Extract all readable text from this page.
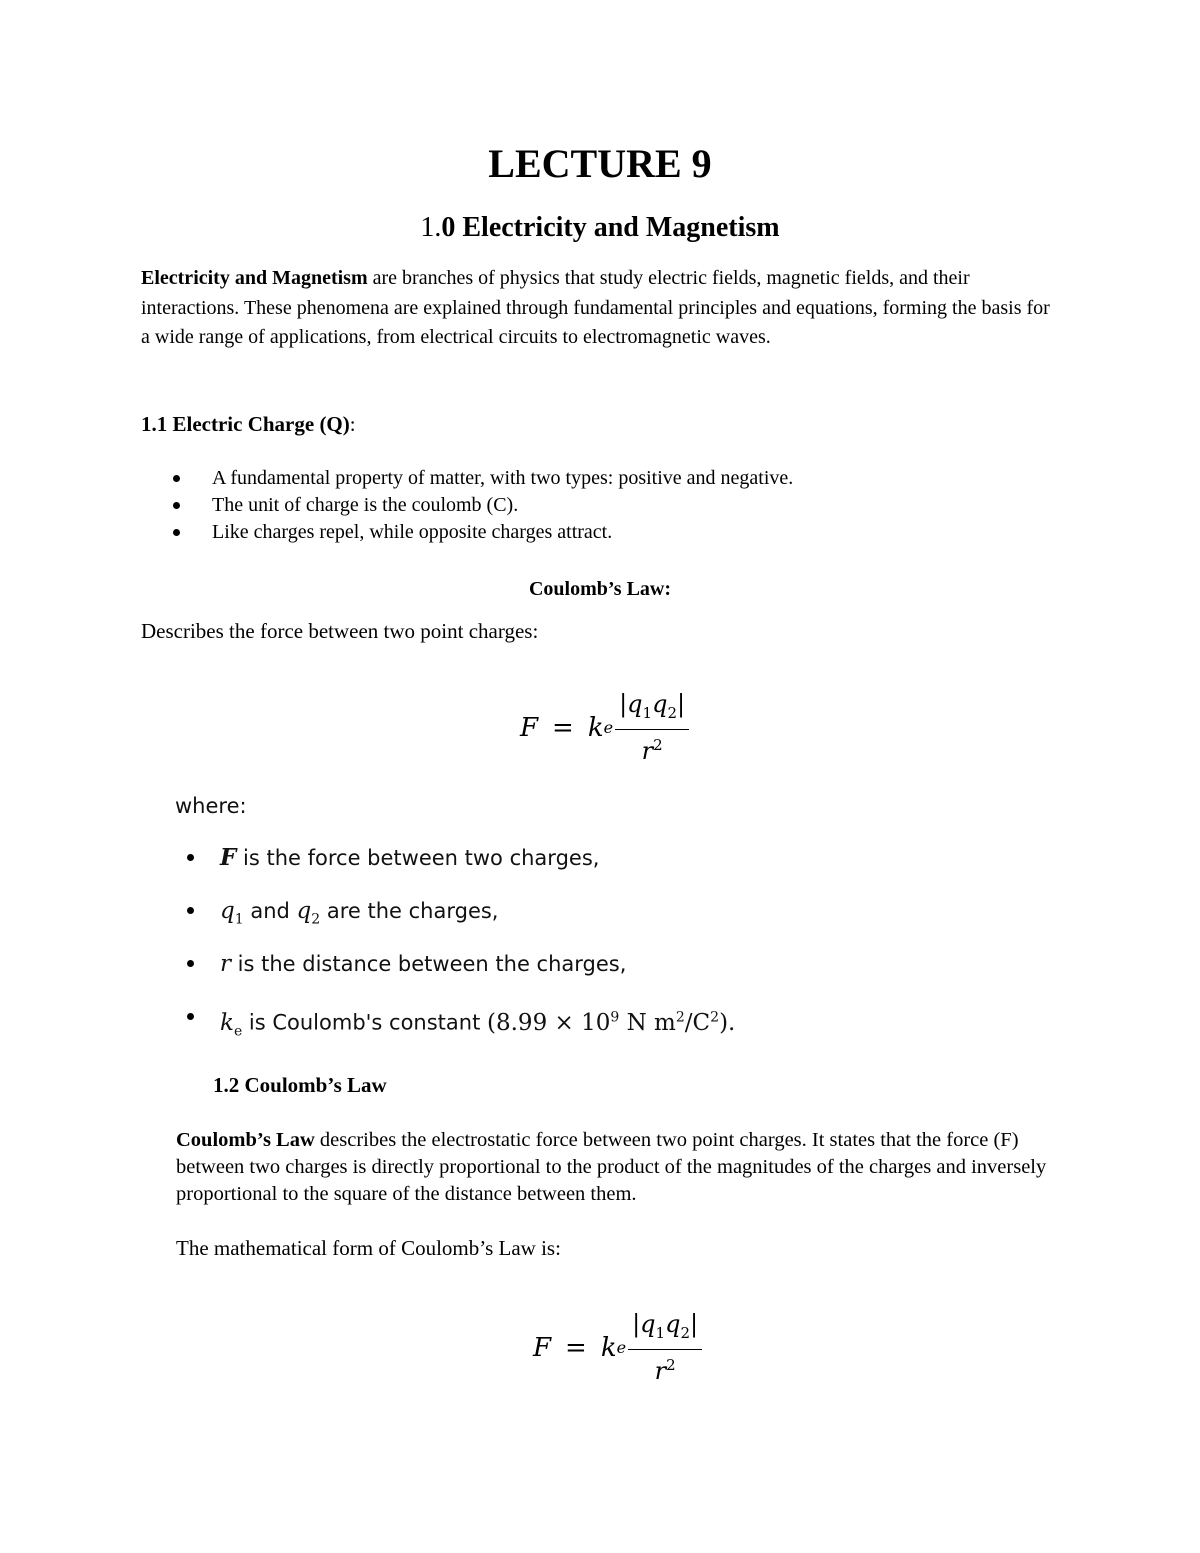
LECTURE 9
1.0 Electricity and Magnetism
Electricity and Magnetism are branches of physics that study electric fields, magnetic fields, and their interactions. These phenomena are explained through fundamental principles and equations, forming the basis for a wide range of applications, from electrical circuits to electromagnetic waves.
1.1 Electric Charge (Q):
A fundamental property of matter, with two types: positive and negative.
The unit of charge is the coulomb (C).
Like charges repel, while opposite charges attract.
Coulomb’s Law:
Describes the force between two point charges:
F = k e $\frac{|q_1q_2|}{r^2}$
where:
F is the force between two charges,
$q_1$ and $q_2$ are the charges,
r is the distance between the charges,
$k_e$ is Coulomb's constant ($8.99 \times 10^9$ N $m^2/C^2$).
1.2 Coulomb’s Law
Coulomb’s Law describes the electrostatic force between two point charges. It states that the force (F) between two charges is directly proportional to the product of the magnitudes of the charges and inversely proportional to the square of the distance between them.
The mathematical form of Coulomb’s Law is:
F = k e $\frac{|q_1q_2|}{r^2}$
